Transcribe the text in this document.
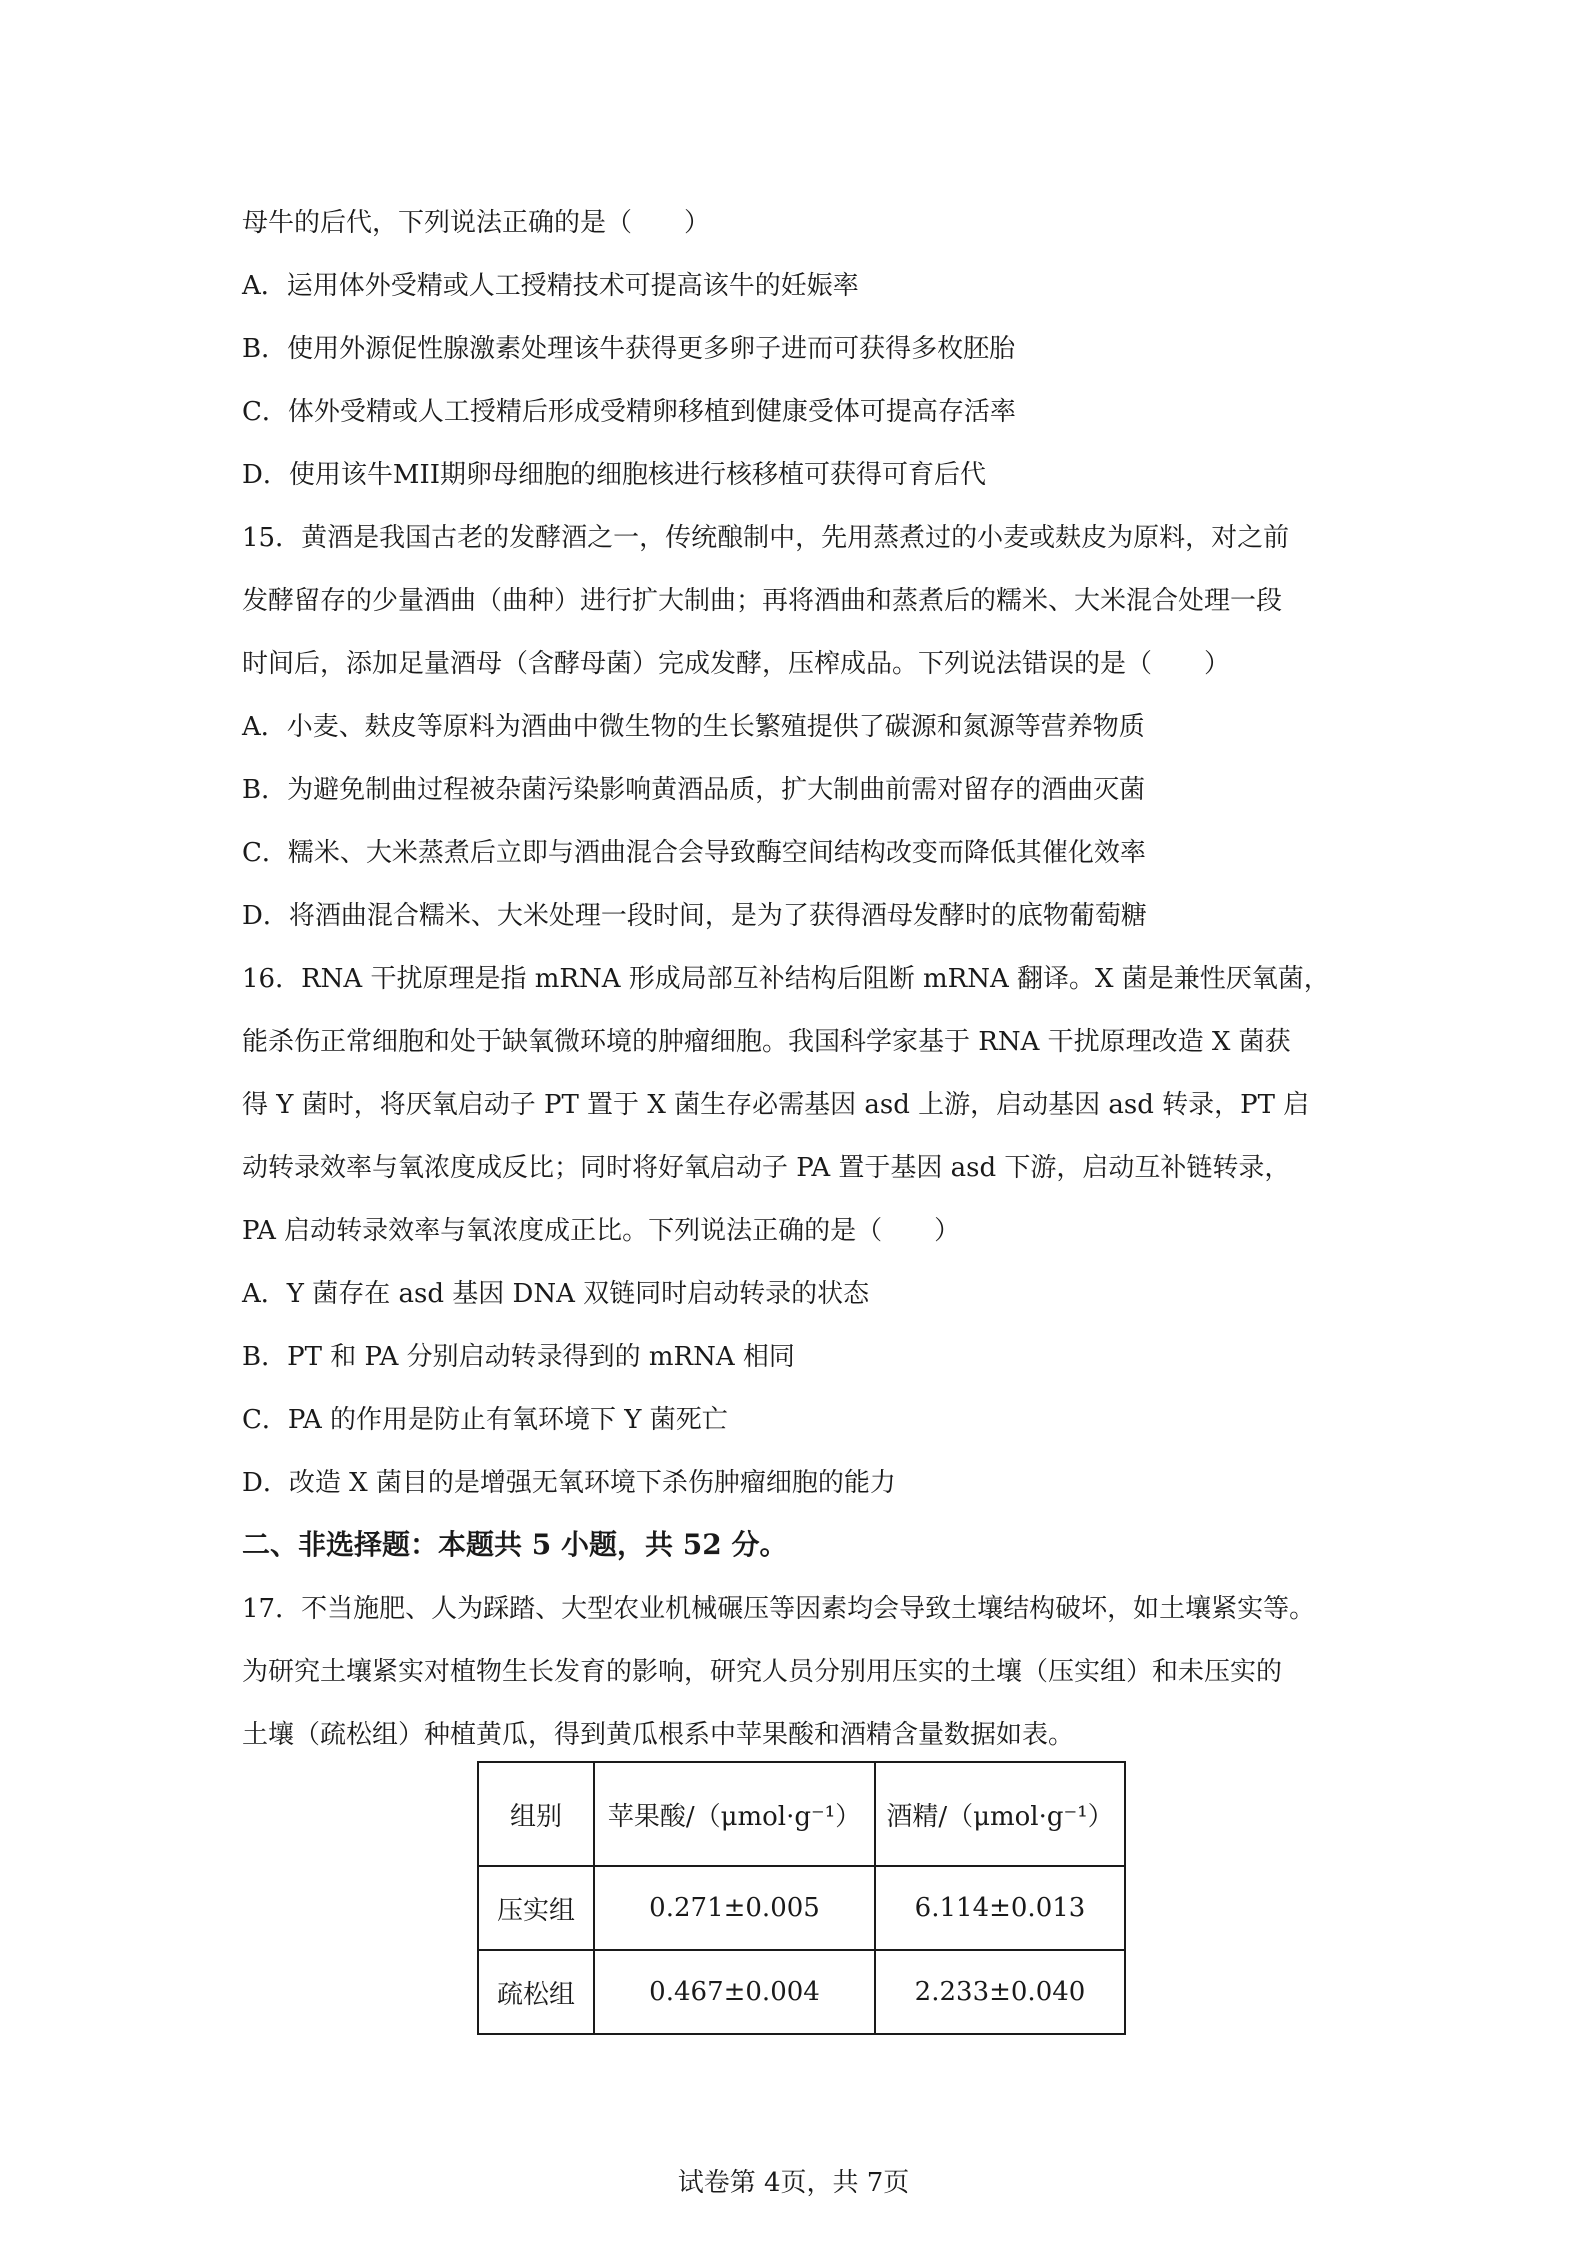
母牛的后代，下列说法正确的是（　　）
A．运用体外受精或人工授精技术可提高该牛的妊娠率
B．使用外源促性腺激素处理该牛获得更多卵子进而可获得多枚胚胎
C．体外受精或人工授精后形成受精卵移植到健康受体可提高存活率
D．使用该牛MII期卵母细胞的细胞核进行核移植可获得可育后代
15．黄酒是我国古老的发酵酒之一，传统酿制中，先用蒸煮过的小麦或麸皮为原料，对之前
发酵留存的少量酒曲（曲种）进行扩大制曲；再将酒曲和蒸煮后的糯米、大米混合处理一段
时间后，添加足量酒母（含酵母菌）完成发酵，压榨成品。下列说法错误的是（　　）
A．小麦、麸皮等原料为酒曲中微生物的生长繁殖提供了碳源和氮源等营养物质
B．为避免制曲过程被杂菌污染影响黄酒品质，扩大制曲前需对留存的酒曲灭菌
C．糯米、大米蒸煮后立即与酒曲混合会导致酶空间结构改变而降低其催化效率
D．将酒曲混合糯米、大米处理一段时间，是为了获得酒母发酵时的底物葡萄糖
16．RNA 干扰原理是指 mRNA 形成局部互补结构后阻断 mRNA 翻译。X 菌是兼性厌氧菌，
能杀伤正常细胞和处于缺氧微环境的肿瘤细胞。我国科学家基于 RNA 干扰原理改造 X 菌获
得 Y 菌时，将厌氧启动子 PT 置于 X 菌生存必需基因 asd 上游，启动基因 asd 转录，PT 启
动转录效率与氧浓度成反比；同时将好氧启动子 PA 置于基因 asd 下游，启动互补链转录，
PA 启动转录效率与氧浓度成正比。下列说法正确的是（　　）
A．Y 菌存在 asd 基因 DNA 双链同时启动转录的状态
B．PT 和 PA 分别启动转录得到的 mRNA 相同
C．PA 的作用是防止有氧环境下 Y 菌死亡
D．改造 X 菌目的是增强无氧环境下杀伤肿瘤细胞的能力
二、非选择题：本题共 5 小题，共 52 分。
17．不当施肥、人为踩踏、大型农业机械碾压等因素均会导致土壤结构破坏，如土壤紧实等。
为研究土壤紧实对植物生长发育的影响，研究人员分别用压实的土壤（压实组）和未压实的
土壤（疏松组）种植黄瓜，得到黄瓜根系中苹果酸和酒精含量数据如表。
组别	苹果酸/（μmol·g⁻¹）	酒精/（μmol·g⁻¹）
压实组	0.271±0.005	6.114±0.013
疏松组	0.467±0.004	2.233±0.040
试卷第 4页，共 7页
